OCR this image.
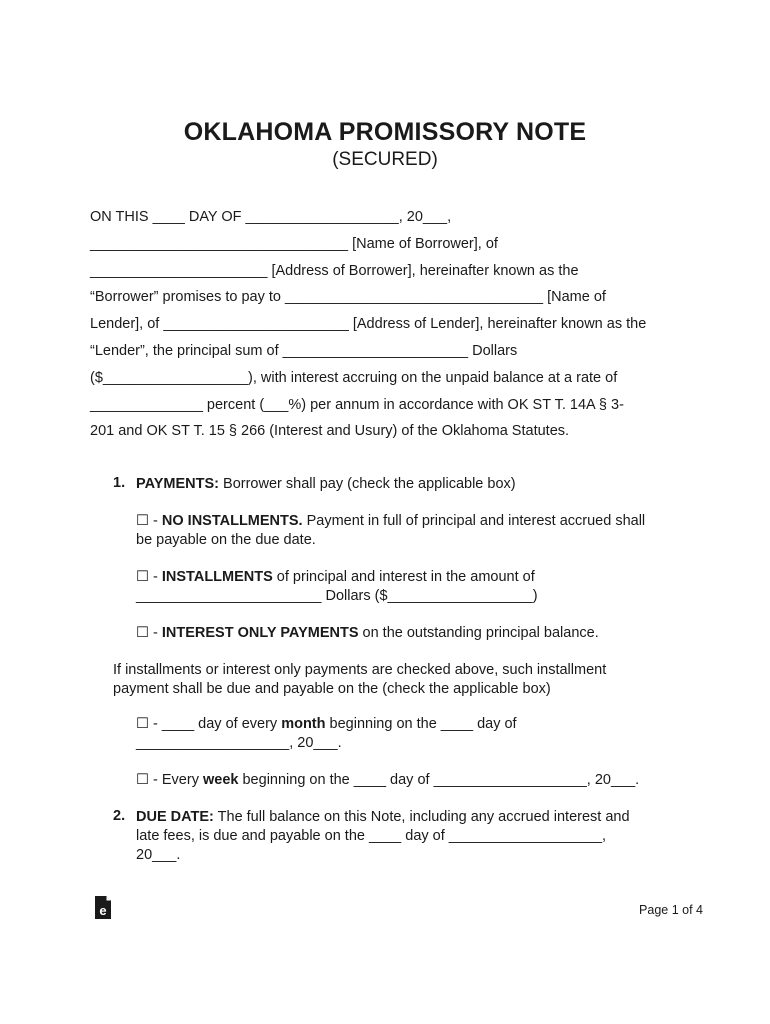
OKLAHOMA PROMISSORY NOTE
(SECURED)
ON THIS ____ DAY OF ___________________, 20___,
________________________________ [Name of Borrower], of
______________________ [Address of Borrower], hereinafter known as the
“Borrower” promises to pay to ________________________________ [Name of
Lender], of _______________________ [Address of Lender], hereinafter known as the
“Lender”, the principal sum of _______________________ Dollars
($__________________), with interest accruing on the unpaid balance at a rate of
______________ percent (___%) per annum in accordance with OK ST T. 14A § 3-
201 and OK ST T. 15 § 266 (Interest and Usury) of the Oklahoma Statutes.
1. PAYMENTS: Borrower shall pay (check the applicable box)
☐ - NO INSTALLMENTS. Payment in full of principal and interest accrued shall
be payable on the due date.
☐ - INSTALLMENTS of principal and interest in the amount of
_______________________ Dollars ($__________________)
☐ - INTEREST ONLY PAYMENTS on the outstanding principal balance.
If installments or interest only payments are checked above, such installment
payment shall be due and payable on the (check the applicable box)
☐ - ____ day of every month beginning on the ____ day of
___________________, 20___.
☐ - Every week beginning on the ____ day of ___________________, 20___.
2. DUE DATE: The full balance on this Note, including any accrued interest and
late fees, is due and payable on the ____ day of ___________________,
20___.
e	Page 1 of 4
